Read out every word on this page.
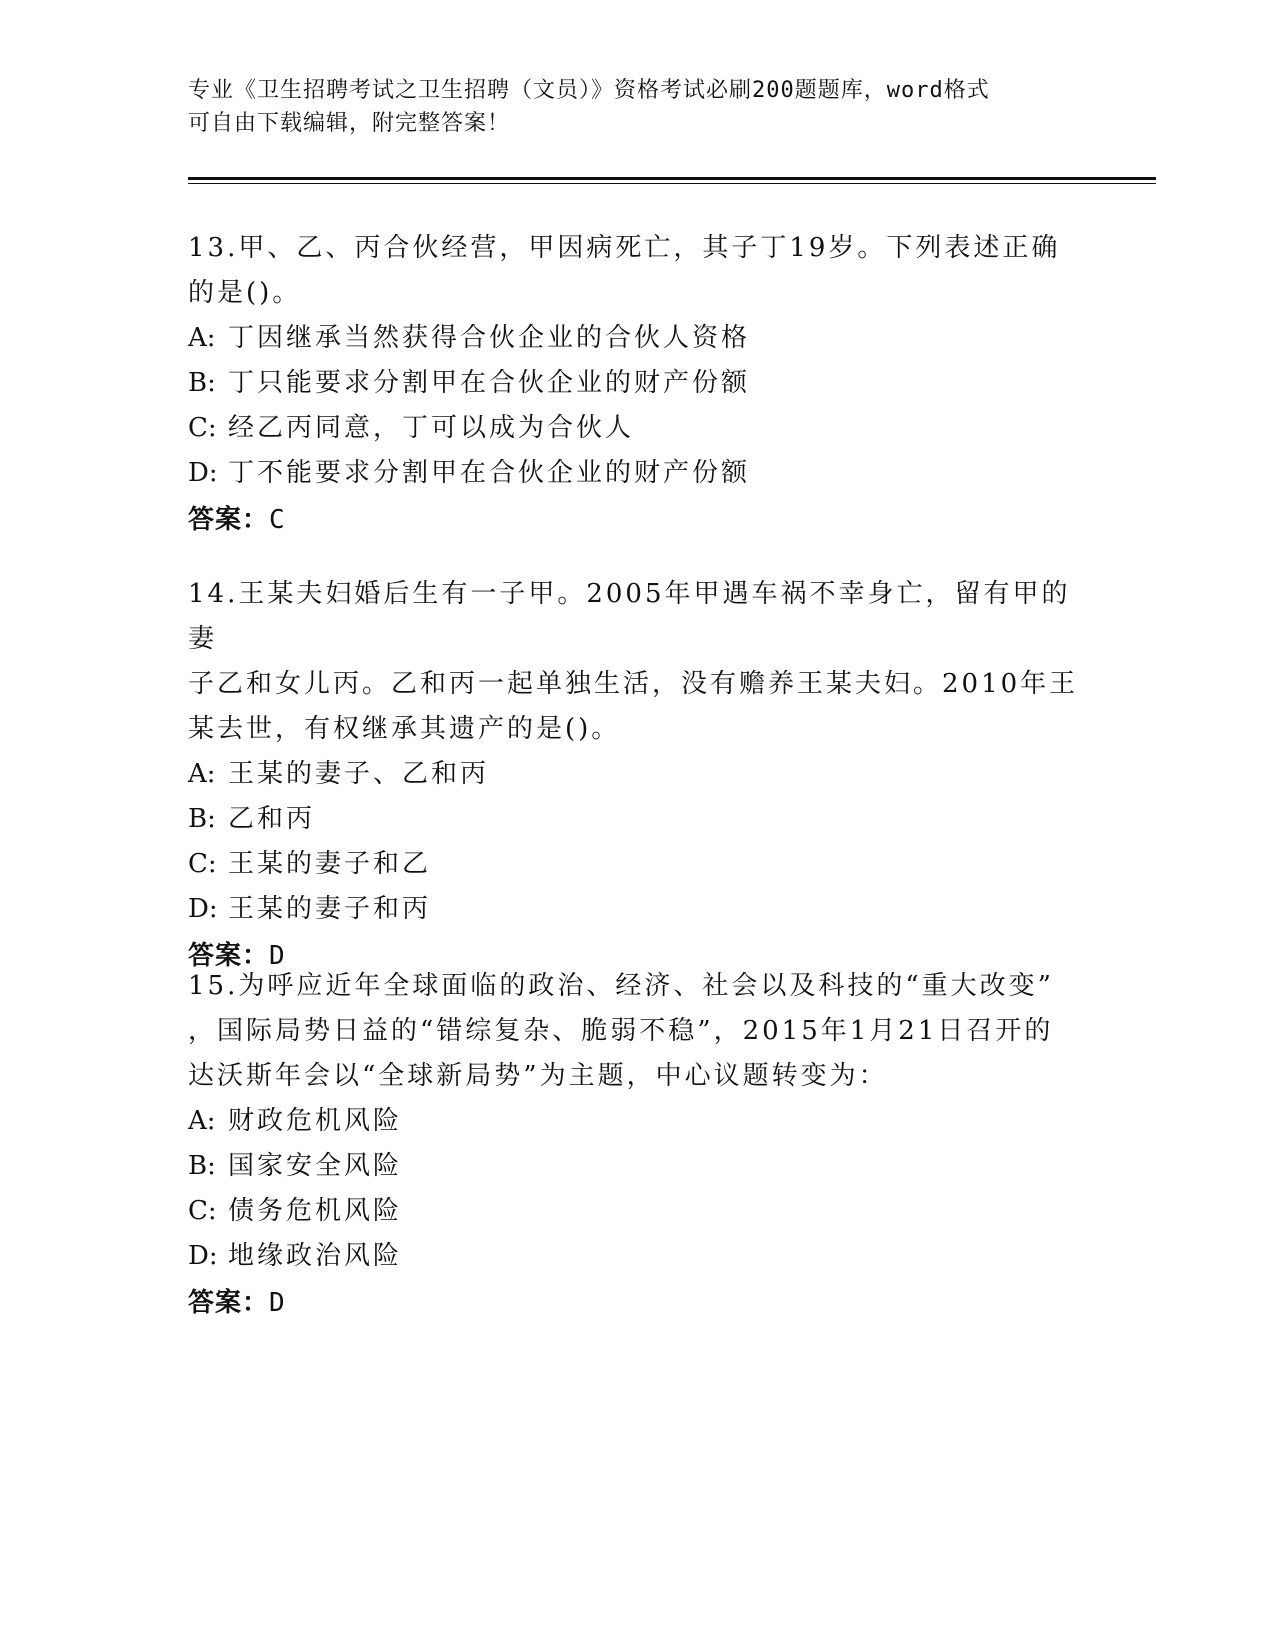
专业《卫生招聘考试之卫生招聘（文员）》资格考试必刷200题题库，word格式
可自由下载编辑，附完整答案！

13.甲、乙、丙合伙经营，甲因病死亡，其子丁19岁。下列表述正确

的是()。

A: 丁因继承当然获得合伙企业的合伙人资格

B: 丁只能要求分割甲在合伙企业的财产份额

C: 经乙丙同意，丁可以成为合伙人

D: 丁不能要求分割甲在合伙企业的财产份额

答案：C

14.王某夫妇婚后生有一子甲。2005年甲遇车祸不幸身亡，留有甲的妻

子乙和女儿丙。乙和丙一起单独生活，没有赡养王某夫妇。2010年王

某去世，有权继承其遗产的是()。

A: 王某的妻子、乙和丙

B: 乙和丙

C: 王某的妻子和乙

D: 王某的妻子和丙

答案：D

15.为呼应近年全球面临的政治、经济、社会以及科技的“重大改变”

，国际局势日益的“错综复杂、脆弱不稳”，2015年1月21日召开的

达沃斯年会以“全球新局势”为主题，中心议题转变为：

A: 财政危机风险

B: 国家安全风险

C: 债务危机风险

D: 地缘政治风险

答案：D
